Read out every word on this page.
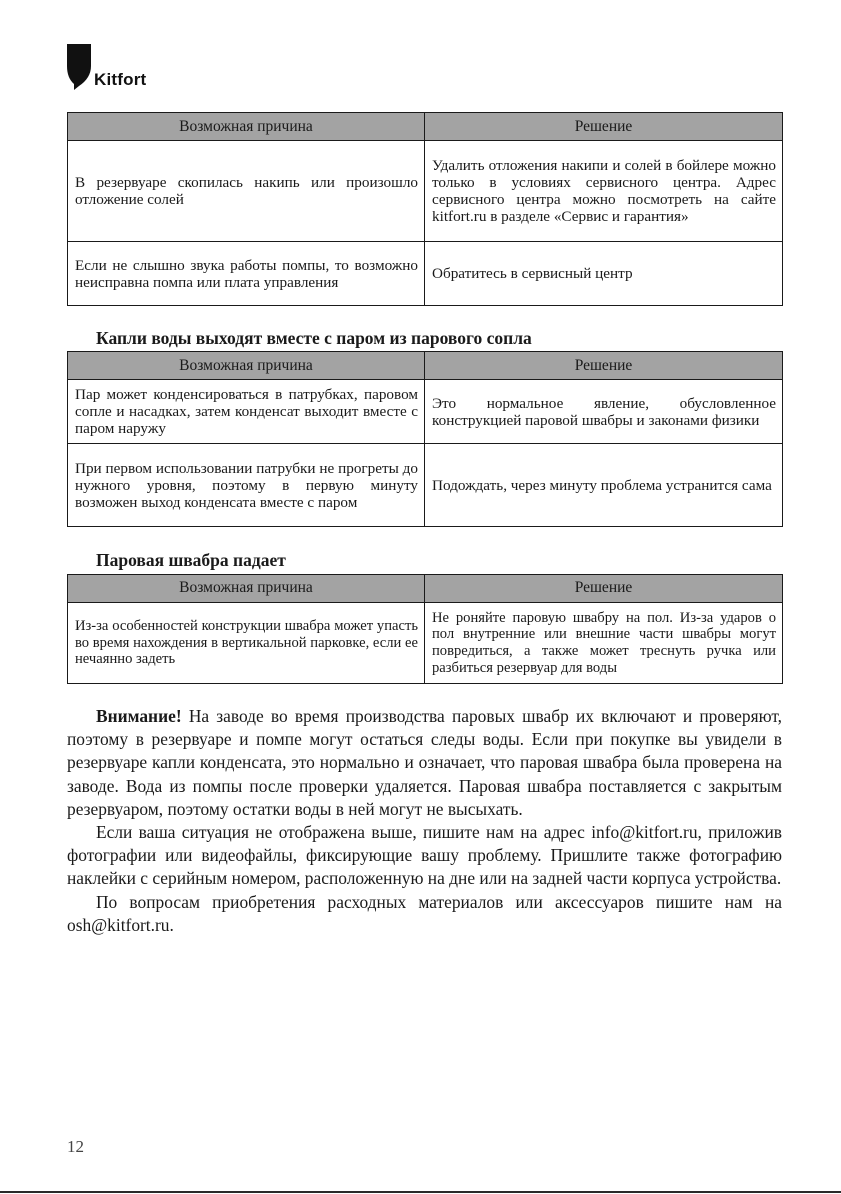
Kitfort
Возможная причина	Решение
В резервуаре скопилась накипь или произошло отложение солей	Удалить отложения накипи и солей в бойлере можно только в условиях сервисного центра. Адрес сервисного центра можно посмотреть на сайте kitfort.ru в разделе «Сервис и гарантия»
Если не слышно звука работы помпы, то возможно неисправна помпа или плата управления	Обратитесь в сервисный центр
Капли воды выходят вместе с паром из парового сопла
Возможная причина	Решение
Пар может конденсироваться в патрубках, паровом сопле и насадках, затем конденсат выходит вместе с паром наружу	Это нормальное явление, обусловленное конструкцией паровой швабры и законами физики
При первом использовании патрубки не прогреты до нужного уровня, поэтому в первую минуту возможен выход конденсата вместе с паром	Подождать, через минуту проблема устранится сама
Паровая швабра падает
Возможная причина	Решение
Из-за особенностей конструкции швабра может упасть во время нахождения в вертикальной парковке, если ее нечаянно задеть	Не роняйте паровую швабру на пол. Из-за ударов о пол внутренние или внешние части швабры могут повредиться, а также может треснуть ручка или разбиться резервуар для воды

Внимание! На заводе во время производства паровых швабр их включают и проверяют, поэтому в резервуаре и помпе могут остаться следы воды. Если при покупке вы увидели в резервуаре капли конденсата, это нормально и означает, что паровая швабра была проверена на заводе. Вода из помпы после проверки удаляется. Паровая швабра поставляется с закрытым резервуаром, поэтому остатки воды в ней могут не высыхать.

Если ваша ситуация не отображена выше, пишите нам на адрес info@kitfort.ru, приложив фотографии или видеофайлы, фиксирующие вашу проблему. Пришлите также фотографию наклейки с серийным номером, расположенную на дне или на задней части корпуса устройства.

По вопросам приобретения расходных материалов или аксессуаров пишите нам на osh@kitfort.ru.

12
